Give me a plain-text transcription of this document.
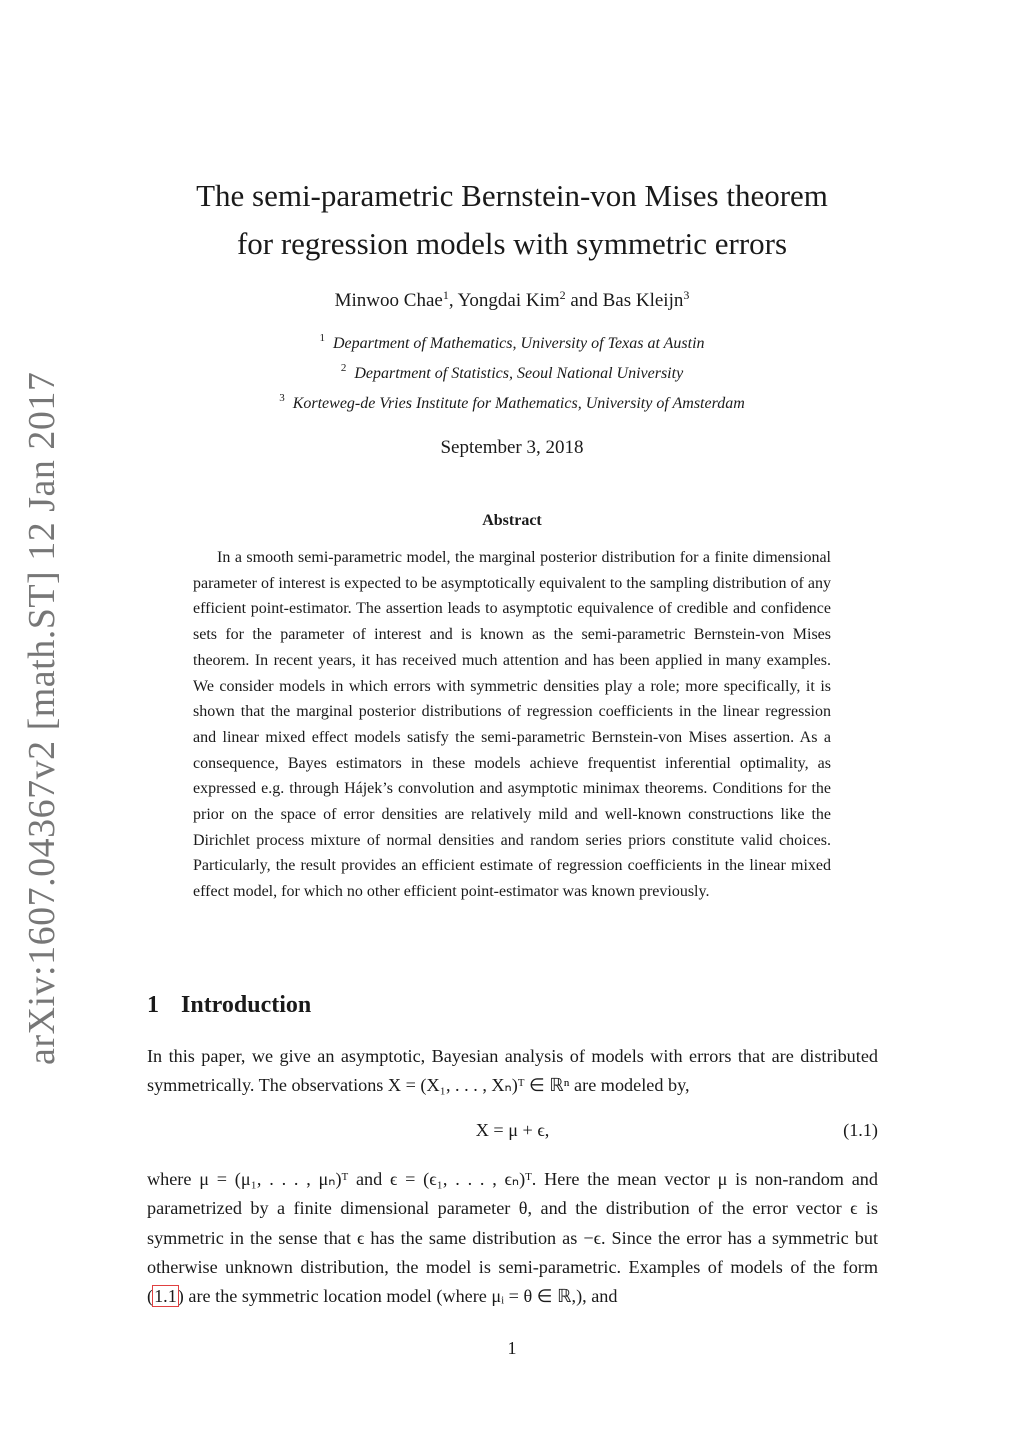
arXiv:1607.04367v2 [math.ST] 12 Jan 2017
The semi-parametric Bernstein-von Mises theorem
for regression models with symmetric errors
Minwoo Chae$^1$, Yongdai Kim$^2$ and Bas Kleijn$^3$
$^1$ Department of Mathematics, University of Texas at Austin
$^2$ Department of Statistics, Seoul National University
$^3$ Korteweg-de Vries Institute for Mathematics, University of Amsterdam
September 3, 2018
Abstract
In a smooth semi-parametric model, the marginal posterior distribution for a finite dimensional parameter of interest is expected to be asymptotically equivalent to the sampling distribution of any efficient point-estimator. The assertion leads to asymptotic equivalence of credible and confidence sets for the parameter of interest and is known as the semi-parametric Bernstein-von Mises theorem. In recent years, it has received much attention and has been applied in many examples. We consider models in which errors with symmetric densities play a role; more specifically, it is shown that the marginal posterior distributions of regression coefficients in the linear regression and linear mixed effect models satisfy the semi-parametric Bernstein-von Mises assertion. As a consequence, Bayes estimators in these models achieve frequentist inferential optimality, as expressed e.g. through Hájek’s convolution and asymptotic minimax theorems. Conditions for the prior on the space of error densities are relatively mild and well-known constructions like the Dirichlet process mixture of normal densities and random series priors constitute valid choices. Particularly, the result provides an efficient estimate of regression coefficients in the linear mixed effect model, for which no other efficient point-estimator was known previously.
1 Introduction
In this paper, we give an asymptotic, Bayesian analysis of models with errors that are distributed symmetrically. The observations X = (X₁, . . . , Xₙ)ᵀ ∈ ℝⁿ are modeled by,
X = μ + ϵ,	(1.1)
where μ = (μ₁, . . . , μₙ)ᵀ and ϵ = (ϵ₁, . . . , ϵₙ)ᵀ. Here the mean vector μ is non-random and parametrized by a finite dimensional parameter θ, and the distribution of the error vector ϵ is symmetric in the sense that ϵ has the same distribution as −ϵ. Since the error has a symmetric but otherwise unknown distribution, the model is semi-parametric. Examples of models of the form (1.1) are the symmetric location model (where μᵢ = θ ∈ ℝ,), and
1
